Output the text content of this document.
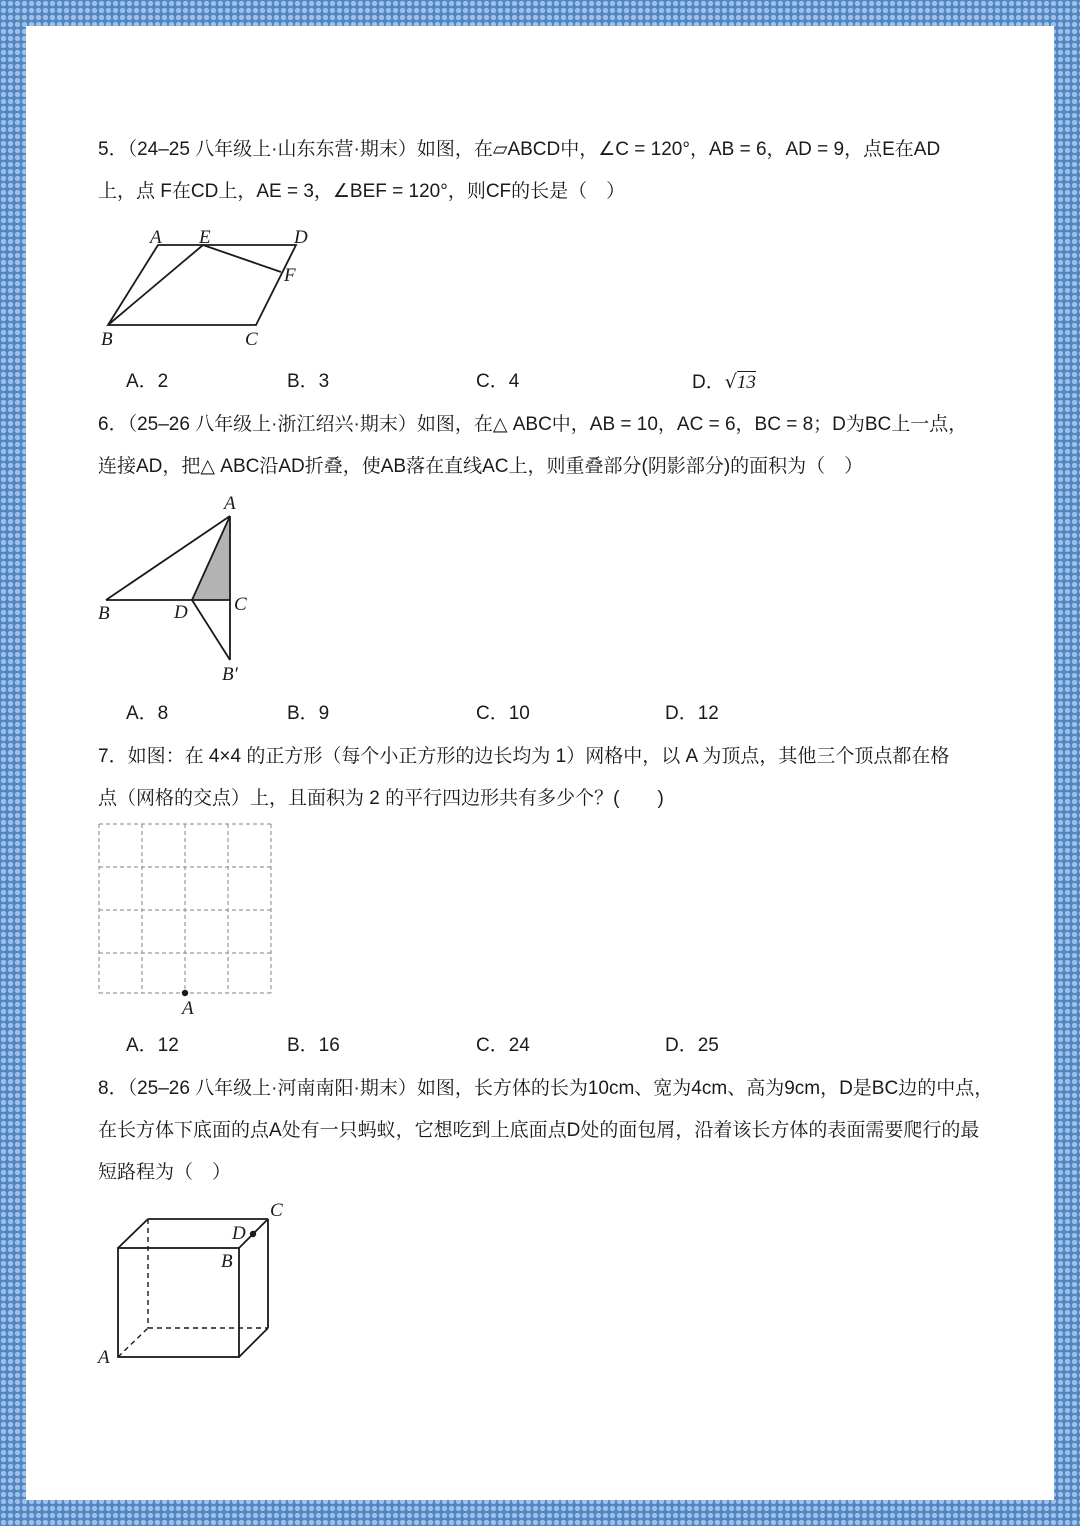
5．（24–25 八年级上·山东东营·期末）如图，在▱ABCD中，∠C = 120°，AB = 6，AD = 9，点E在AD
上，点 F在CD上，AE = 3，∠BEF = 120°，则CF的长是（　）
A E	D
F
B	C
A．2	B．3	C．4	D．√13
6．（25–26 八年级上·浙江绍兴·期末）如图，在△ ABC中，AB = 10，AC = 6，BC = 8；D为BC上一点，
连接AD，把△ ABC沿AD折叠，使AB落在直线AC上，则重叠部分(阴影部分)的面积为（　）
A
B	D C
B′
A．8	B．9	C．10	D．12
7．如图：在 4×4 的正方形（每个小正方形的边长均为 1）网格中，以 A 为顶点，其他三个顶点都在格
点（网格的交点）上，且面积为 2 的平行四边形共有多少个？(　　)
A
A．12	B．16	C．24	D．25
8．（25–26 八年级上·河南南阳·期末）如图，长方体的长为10cm、宽为4cm、高为9cm，D是BC边的中点，
在长方体下底面的点A处有一只蚂蚁，它想吃到上底面点D处的面包屑，沿着该长方体的表面需要爬行的最
短路程为（　）
C
D
B
A
